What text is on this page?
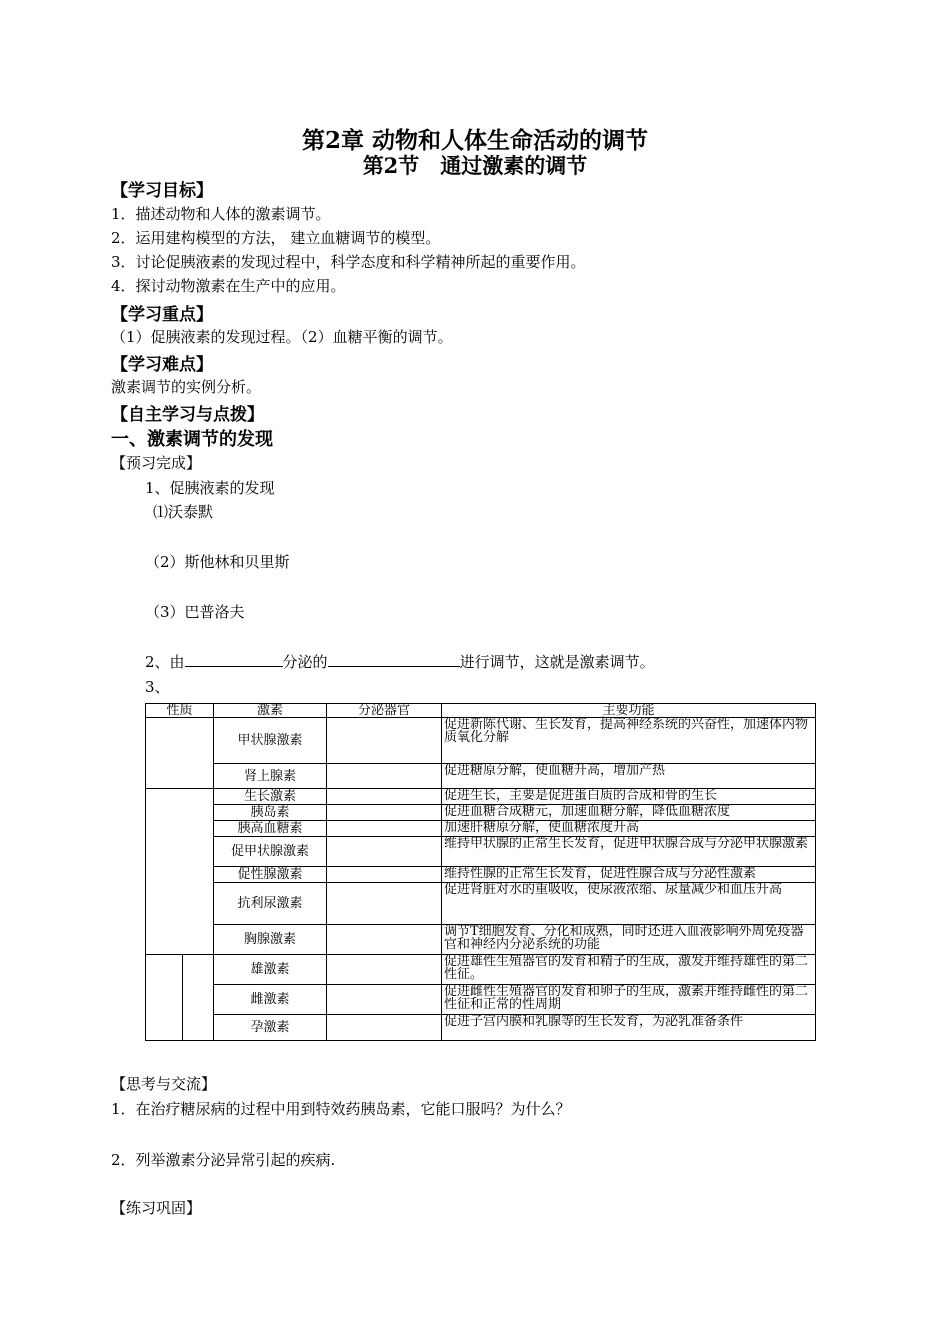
第2章 动物和人体生命活动的调节
第2节　通过激素的调节
【学习目标】
1．描述动物和人体的激素调节。
2．运用建构模型的方法， 建立血糖调节的模型。
3．讨论促胰液素的发现过程中，科学态度和科学精神所起的重要作用。
4．探讨动物激素在生产中的应用。
【学习重点】
（1）促胰液素的发现过程。（2）血糖平衡的调节。
【学习难点】
激素调节的实例分析。
【自主学习与点拨】
一、激素调节的发现
【预习完成】
1、促胰液素的发现
⑴沃泰默
（2）斯他林和贝里斯
（3）巴普洛夫
2、由	分泌的	进行调节，这就是激素调节。
3、
性质		激素	分泌器官	主要功能
		甲状腺激素		促进新陈代谢、生长发育，提高神经系统的兴奋性，加速体内物质氧化分解
		肾上腺素		促进糖原分解，使血糖升高，增加产热
		生长激素		促进生长，主要是促进蛋白质的合成和骨的生长
		胰岛素		促进血糖合成糖元，加速血糖分解，降低血糖浓度
		胰高血糖素		加速肝糖原分解，使血糖浓度升高
		促甲状腺激素		维持甲状腺的正常生长发育，促进甲状腺合成与分泌甲状腺激素
		促性腺激素		维持性腺的正常生长发育，促进性腺合成与分泌性激素
		抗利尿激素		促进肾脏对水的重吸收，使尿液浓缩、尿量减少和血压升高
		胸腺激素		调节T细胞发育、分化和成熟，同时还进入血液影响外周免疫器官和神经内分泌系统的功能
		雄激素		促进雄性生殖器官的发育和精子的生成，激发并维持雄性的第二性征。
		雌激素		促进雌性生殖器官的发育和卵子的生成，激素并维持雌性的第二性征和正常的性周期
		孕激素		促进子宫内膜和乳腺等的生长发育，为泌乳准备条件
【思考与交流】
1．在治疗糖尿病的过程中用到特效药胰岛素，它能口服吗？为什么？
2．列举激素分泌异常引起的疾病.
【练习巩固】
